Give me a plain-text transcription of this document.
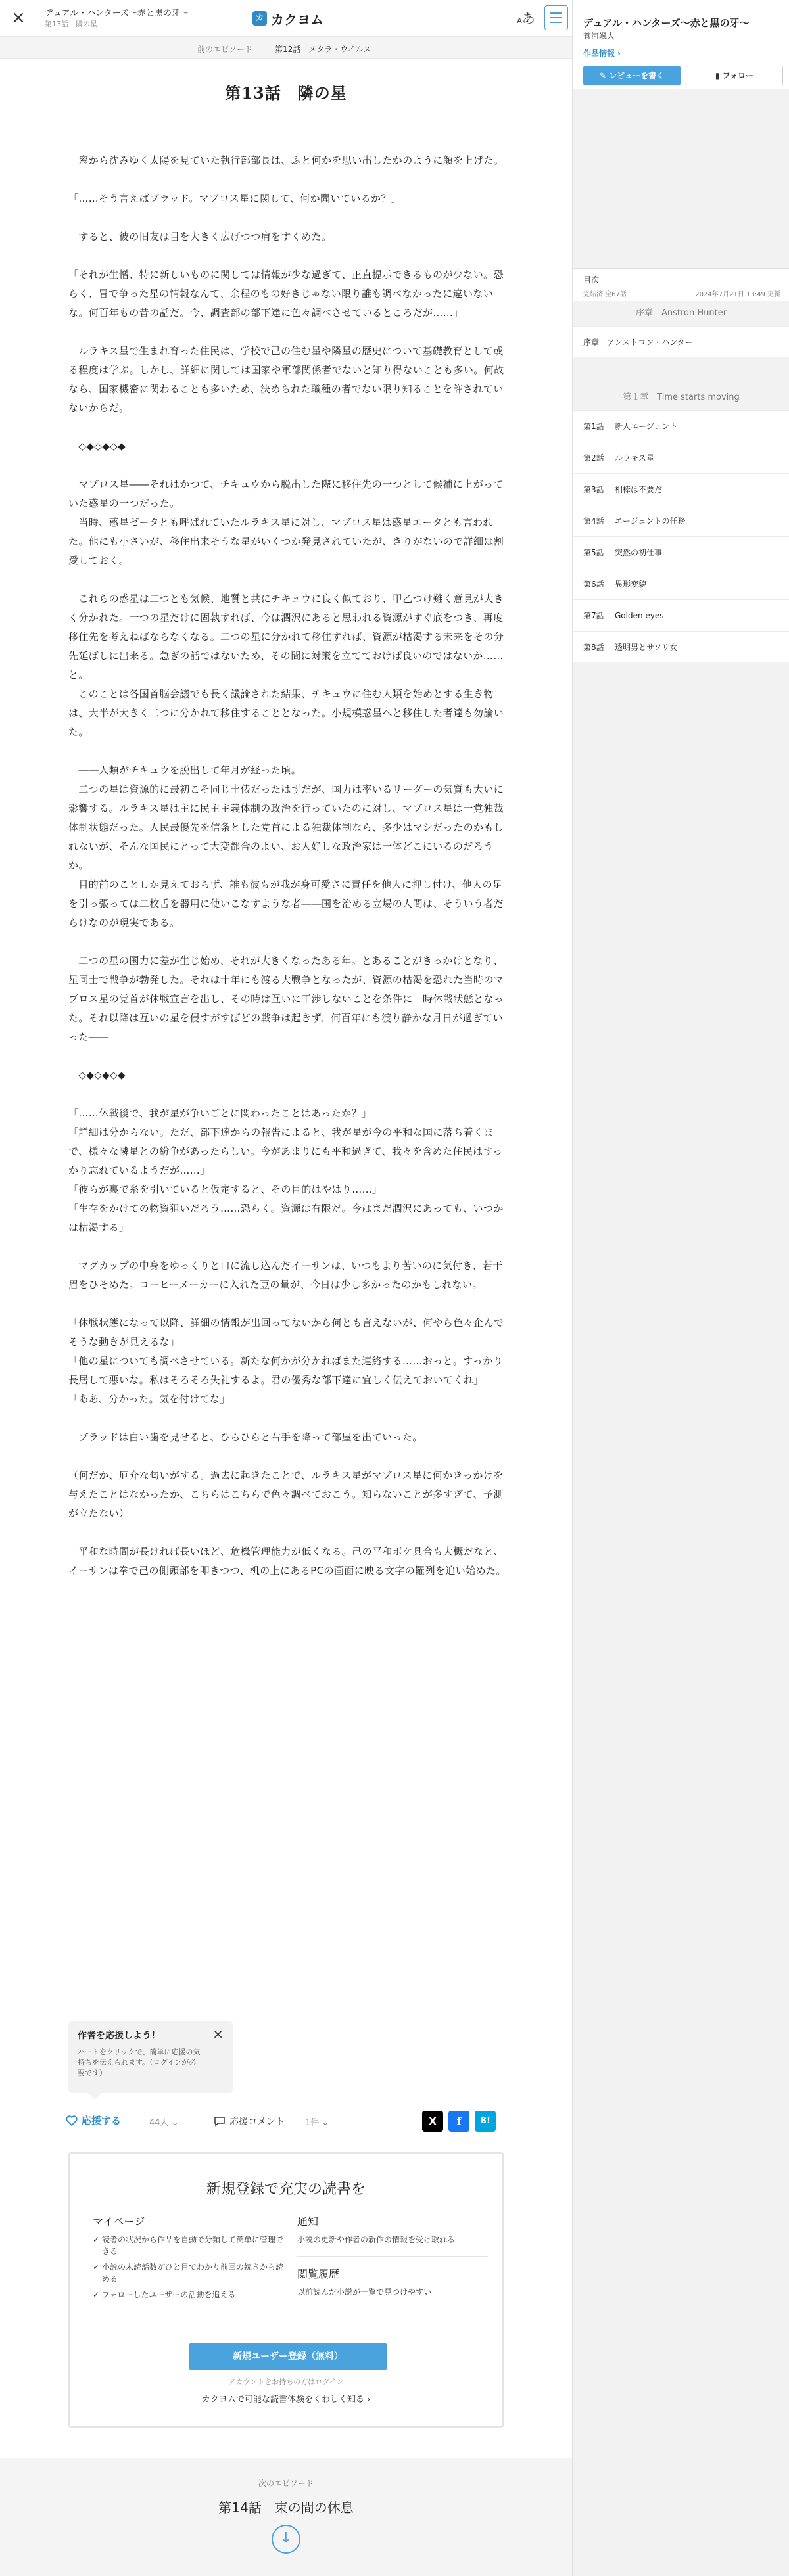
×	デュアル・ハンターズ〜赤と黒の牙〜
第13話　隣の星
カ カクヨム	Aあ
前のエピソード	第12話　メタラ・ウイルス
第13話　隣の星

　窓から沈みゆく太陽を見ていた執行部部長は、ふと何かを思い出したかのように顔を上げた。

「……そう言えばブラッド。マブロス星に関して、何か聞いているか？」

　すると、彼の旧友は目を大きく広げつつ肩をすくめた。

「それが生憎、特に新しいものに関しては情報が少な過ぎて、正直提示できるものが少ない。恐らく、冒で争った星の情報なんて、余程のもの好きじゃない限り誰も調べなかったに違いないな。何百年もの昔の話だ。今、調査部の部下達に色々調べさせているところだが……」

　ルラキス星で生まれ育った住民は、学校で己の住む星や隣星の歴史について基礎教育として或る程度は学ぶ。しかし、詳細に関しては国家や軍部関係者でないと知り得ないことも多い。何故なら、国家機密に関わることも多いため、決められた職種の者でない限り知ることを許されていないからだ。

　◇◆◇◆◇◆

　マブロス星――それはかつて、チキュウから脱出した際に移住先の一つとして候補に上がっていた惑星の一つだった。

　当時、惑星ゼータとも呼ばれていたルラキス星に対し、マブロス星は惑星エータとも言われた。他にも小さいが、移住出来そうな星がいくつか発見されていたが、きりがないので詳細は割愛しておく。

　これらの惑星は二つとも気候、地質と共にチキュウに良く似ており、甲乙つけ難く意見が大きく分かれた。一つの星だけに固執すれば、今は潤沢にあると思われる資源がすぐ底をつき、再度移住先を考えねばならなくなる。二つの星に分かれて移住すれば、資源が枯渇する未来をその分先延ばしに出来る。急ぎの話ではないため、その間に対策を立てておけば良いのではないか……と。

　このことは各国首脳会議でも長く議論された結果、チキュウに住む人類を始めとする生き物は、大半が大きく二つに分かれて移住することとなった。小規模惑星へと移住した者達も勿論いた。

　――人類がチキュウを脱出して年月が経った頃。

　二つの星は資源的に最初こそ同じ土俵だったはずだが、国力は率いるリーダーの気質も大いに影響する。ルラキス星は主に民主主義体制の政治を行っていたのに対し、マブロス星は一党独裁体制状態だった。人民最優先を信条とした党首による独裁体制なら、多少はマシだったのかもしれないが、そんな国民にとって大変都合のよい、お人好しな政治家は一体どこにいるのだろうか。

　目的前のことしか見えておらず、誰も彼もが我が身可愛さに責任を他人に押し付け、他人の足を引っ張っては二枚舌を器用に使いこなすような者――国を治める立場の人間は、そういう者だらけなのが現実である。

　二つの星の国力に差が生じ始め、それが大きくなったある年。とあることがきっかけとなり、星同士で戦争が勃発した。それは十年にも渡る大戦争となったが、資源の枯渇を恐れた当時のマブロス星の党首が休戦宣言を出し、その時は互いに干渉しないことを条件に一時休戦状態となった。それ以降は互いの星を侵すがすぼどの戦争は起きず、何百年にも渡り静かな月日が過ぎていった――

　◇◆◇◆◇◆

「……休戦後で、我が星が争いごとに関わったことはあったか？」

「詳細は分からない。ただ、部下達からの報告によると、我が星が今の平和な国に落ち着くまで、様々な隣星との紛争があったらしい。今があまりにも平和過ぎて、我々を含めた住民はすっかり忘れているようだが……」

「彼らが裏で糸を引いていると仮定すると、その目的はやはり……」

「生存をかけての物資狙いだろう……恐らく。資源は有限だ。今はまだ潤沢にあっても、いつかは枯渇する」

　マグカップの中身をゆっくりと口に流し込んだイーサンは、いつもより苦いのに気付き、若干眉をひそめた。コーヒーメーカーに入れた豆の量が、今日は少し多かったのかもしれない。

「休戦状態になって以降、詳細の情報が出回ってないから何とも言えないが、何やら色々企んでそうな動きが見えるな」

「他の星についても調べさせている。新たな何かが分かればまた連絡する……おっと。すっかり長居して悪いな。私はそろそろ失礼するよ。君の優秀な部下達に宜しく伝えておいてくれ」

「ああ、分かった。気を付けてな」

　ブラッドは白い歯を見せると、ひらひらと右手を降って部屋を出ていった。

（何だか、厄介な匂いがする。過去に起きたことで、ルラキス星がマブロス星に何かきっかけを与えたことはなかったか、こちらはこちらで色々調べておこう。知らないことが多すぎて、予測が立たない）

　平和な時間が長ければ長いほど、危機管理能力が低くなる。己の平和ボケ具合も大概だなと、イーサンは拳で己の側頭部を叩きつつ、机の上にあるPCの画面に映る文字の羅列を追い始めた。

作者を応援しよう！
ハートをクリックで、簡単に応援の気持ちを伝えられます。（ログインが必要です）
×
応援する	44人 ⌄	応援コメント 1件 ⌄	X	f	B!
新規登録で充実の読書を
マイページ
✓ 読者の状況から作品を自動で分類して簡単に管理できる
✓ 小説の未読話数がひと目でわかり前回の続きから読める
✓ フォローしたユーザーの活動を追える
通知
小説の更新や作者の新作の情報を受け取れる
閲覧履歴
以前読んだ小説が一覧で見つけやすい
新規ユーザー登録（無料）
アカウントをお持ちの方はログイン
カクヨムで可能な読書体験をくわしく知る ›
次のエピソード
第14話　束の間の休息
↓
デュアル・ハンターズ〜赤と黒の牙〜
蒼河颯人
作品情報 ›
✎ レビューを書く	▮ フォロー
目次
完結済 全67話	2024年7月21日 13:49 更新
序章　Anstron Hunter
序章　アンストロン・ハンター
第１章　Time starts moving
第1話 新人エージェント
第2話 ルラキス星
第3話 相棒は不要だ
第4話 エージェントの任務
第5話 突然の初仕事
第6話 異形変貌
第7話 Golden eyes
第8話 透明男とサソリ女
